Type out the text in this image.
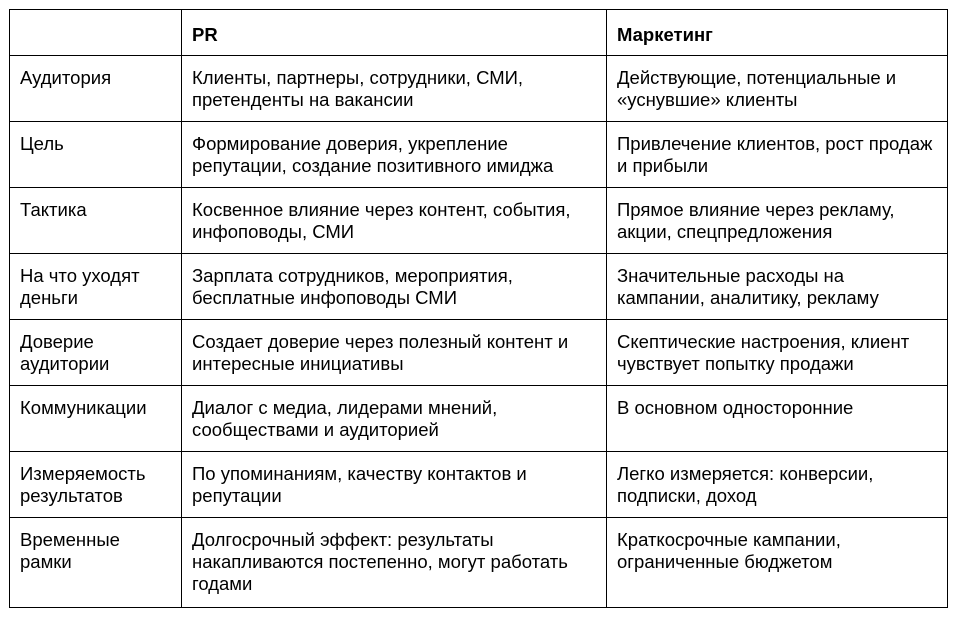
	PR	Маркетинг
Аудитория	Клиенты, партнеры, сотрудники, СМИ, претенденты на вакансии	Действующие, потенциальные и «уснувшие» клиенты
Цель	Формирование доверия, укрепление репутации, создание позитивного имиджа	Привлечение клиентов, рост продаж и прибыли
Тактика	Косвенное влияние через контент, события, инфоповоды, СМИ	Прямое влияние через рекламу, акции, спецпредложения
На что уходят деньги	Зарплата сотрудников, мероприятия, бесплатные инфоповоды СМИ	Значительные расходы на кампании, аналитику, рекламу
Доверие аудитории	Создает доверие через полезный контент и интересные инициативы	Скептические настроения, клиент чувствует попытку продажи
Коммуникации	Диалог с медиа, лидерами мнений, сообществами и аудиторией	В основном односторонние
Измеряемость результатов	По упоминаниям, качеству контактов и репутации	Легко измеряется: конверсии, подписки, доход
Временные рамки	Долгосрочный эффект: результаты накапливаются постепенно, могут работать годами	Краткосрочные кампании, ограниченные бюджетом
